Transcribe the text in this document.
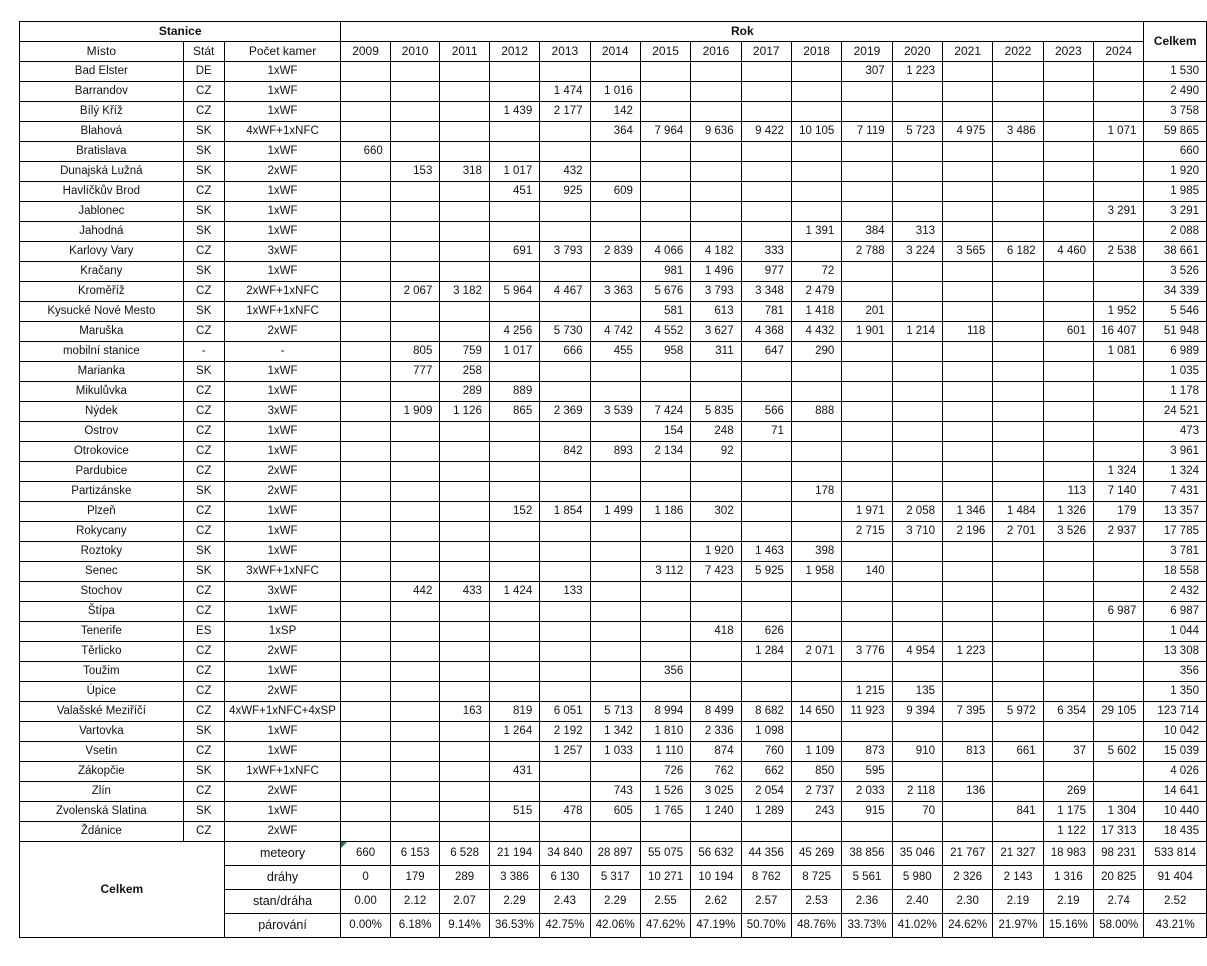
Stanice			Rok																Celkem
Místo	Stát	Počet kamer	2009	2010	2011	2012	2013	2014	2015	2016	2017	2018	2019	2020	2021	2022	2023	2024	
Bad Elster	DE	1xWF											307	1 223					1 530
Barrandov	CZ	1xWF					1 474	1 016											2 490
Bílý Kříž	CZ	1xWF				1 439	2 177	142											3 758
Blahová	SK	4xWF+1xNFC						364	7 964	9 636	9 422	10 105	7 119	5 723	4 975	3 486		1 071	59 865
Bratislava	SK	1xWF	660																660
Dunajská Lužná	SK	2xWF		153	318	1 017	432												1 920
Havlíčkův Brod	CZ	1xWF				451	925	609											1 985
Jablonec	SK	1xWF																3 291	3 291
Jahodná	SK	1xWF										1 391	384	313					2 088
Karlovy Vary	CZ	3xWF				691	3 793	2 839	4 066	4 182	333		2 788	3 224	3 565	6 182	4 460	2 538	38 661
Kračany	SK	1xWF							981	1 496	977	72							3 526
Kroměříž	CZ	2xWF+1xNFC		2 067	3 182	5 964	4 467	3 363	5 676	3 793	3 348	2 479							34 339
Kysucké Nové Mesto	SK	1xWF+1xNFC							581	613	781	1 418	201					1 952	5 546
Maruška	CZ	2xWF				4 256	5 730	4 742	4 552	3 627	4 368	4 432	1 901	1 214	118		601	16 407	51 948
mobilní stanice	-	-		805	759	1 017	666	455	958	311	647	290						1 081	6 989
Marianka	SK	1xWF		777	258														1 035
Mikulůvka	CZ	1xWF			289	889													1 178
Nýdek	CZ	3xWF		1 909	1 126	865	2 369	3 539	7 424	5 835	566	888							24 521
Ostrov	CZ	1xWF							154	248	71								473
Otrokovice	CZ	1xWF					842	893	2 134	92									3 961
Pardubice	CZ	2xWF																1 324	1 324
Partizánske	SK	2xWF										178					113	7 140	7 431
Plzeň	CZ	1xWF				152	1 854	1 499	1 186	302			1 971	2 058	1 346	1 484	1 326	179	13 357
Rokycany	CZ	1xWF											2 715	3 710	2 196	2 701	3 526	2 937	17 785
Roztoky	SK	1xWF								1 920	1 463	398							3 781
Senec	SK	3xWF+1xNFC							3 112	7 423	5 925	1 958	140						18 558
Stochov	CZ	3xWF		442	433	1 424	133												2 432
Štípa	CZ	1xWF																6 987	6 987
Tenerife	ES	1xSP								418	626								1 044
Těrlicko	CZ	2xWF									1 284	2 071	3 776	4 954	1 223				13 308
Toužim	CZ	1xWF							356										356
Úpice	CZ	2xWF											1 215	135					1 350
Valašské Meziříčí	CZ	4xWF+1xNFC+4xSP			163	819	6 051	5 713	8 994	8 499	8 682	14 650	11 923	9 394	7 395	5 972	6 354	29 105	123 714
Vartovka	SK	1xWF				1 264	2 192	1 342	1 810	2 336	1 098								10 042
Vsetin	CZ	1xWF					1 257	1 033	1 110	874	760	1 109	873	910	813	661	37	5 602	15 039
Zákopčie	SK	1xWF+1xNFC				431			726	762	662	850	595						4 026
Zlín	CZ	2xWF						743	1 526	3 025	2 054	2 737	2 033	2 118	136		269		14 641
Zvolenská Slatina	SK	1xWF				515	478	605	1 765	1 240	1 289	243	915	70		841	1 175	1 304	10 440
Ždánice	CZ	2xWF															1 122	17 313	18 435
Celkem		meteory	660	6 153	6 528	21 194	34 840	28 897	55 075	56 632	44 356	45 269	38 856	35 046	21 767	21 327	18 983	98 231	533 814
		dráhy	0	179	289	3 386	6 130	5 317	10 271	10 194	8 762	8 725	5 561	5 980	2 326	2 143	1 316	20 825	91 404
		stan/dráha	0.00	2.12	2.07	2.29	2.43	2.29	2.55	2.62	2.57	2.53	2.36	2.40	2.30	2.19	2.19	2.74	2.52
		párování	0.00%	6.18%	9.14%	36.53%	42.75%	42.06%	47.62%	47.19%	50.70%	48.76%	33.73%	41.02%	24.62%	21.97%	15.16%	58.00%	43.21%
